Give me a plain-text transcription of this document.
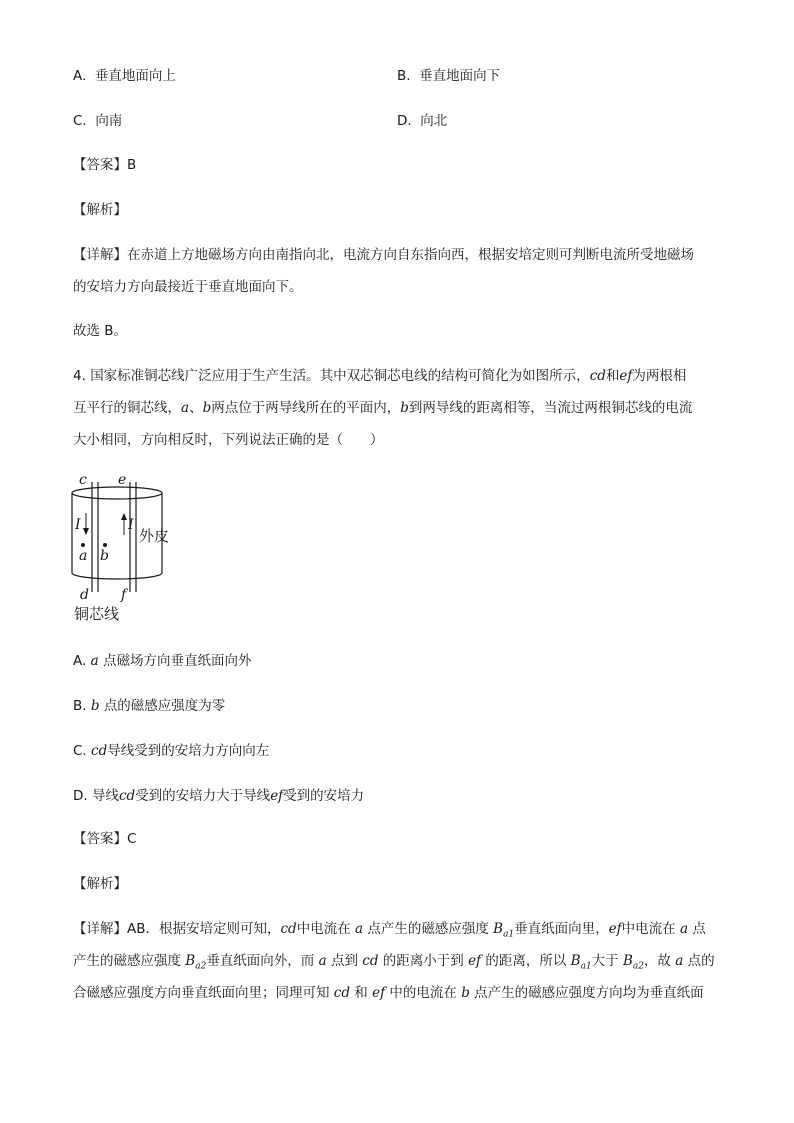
A. 垂直地面向上	B. 垂直地面向下
C. 向南	D. 向北
【答案】B
【解析】
【详解】在赤道上方地磁场方向由南指向北，电流方向自东指向西，根据安培定则可判断电流所受地磁场
的安培力方向最接近于垂直地面向下。
故选 B。
4. 国家标准铜芯线广泛应用于生产生活。其中双芯铜芯电线的结构可简化为如图所示，cd和ef为两根相
互平行的铜芯线，a、b两点位于两导线所在的平面内，b到两导线的距离相等，当流过两根铜芯线的电流
大小相同，方向相反时，下列说法正确的是（　　）
c e
d f
I	I
a b
外皮
铜芯线
A. a 点磁场方向垂直纸面向外
B. b 点的磁感应强度为零
C. cd导线受到的安培力方向向左
D. 导线cd受到的安培力大于导线ef受到的安培力
【答案】C
【解析】
【详解】AB．根据安培定则可知，cd中电流在 a 点产生的磁感应强度 $B_{a1}$垂直纸面向里，ef中电流在 a 点
产生的磁感应强度 $B_{a2}$垂直纸面向外，而 a 点到 cd 的距离小于到 ef 的距离，所以 $B_{a1}$大于 $B_{a2}$，故 a 点的
合磁感应强度方向垂直纸面向里；同理可知 cd 和 ef 中的电流在 b 点产生的磁感应强度方向均为垂直纸面
